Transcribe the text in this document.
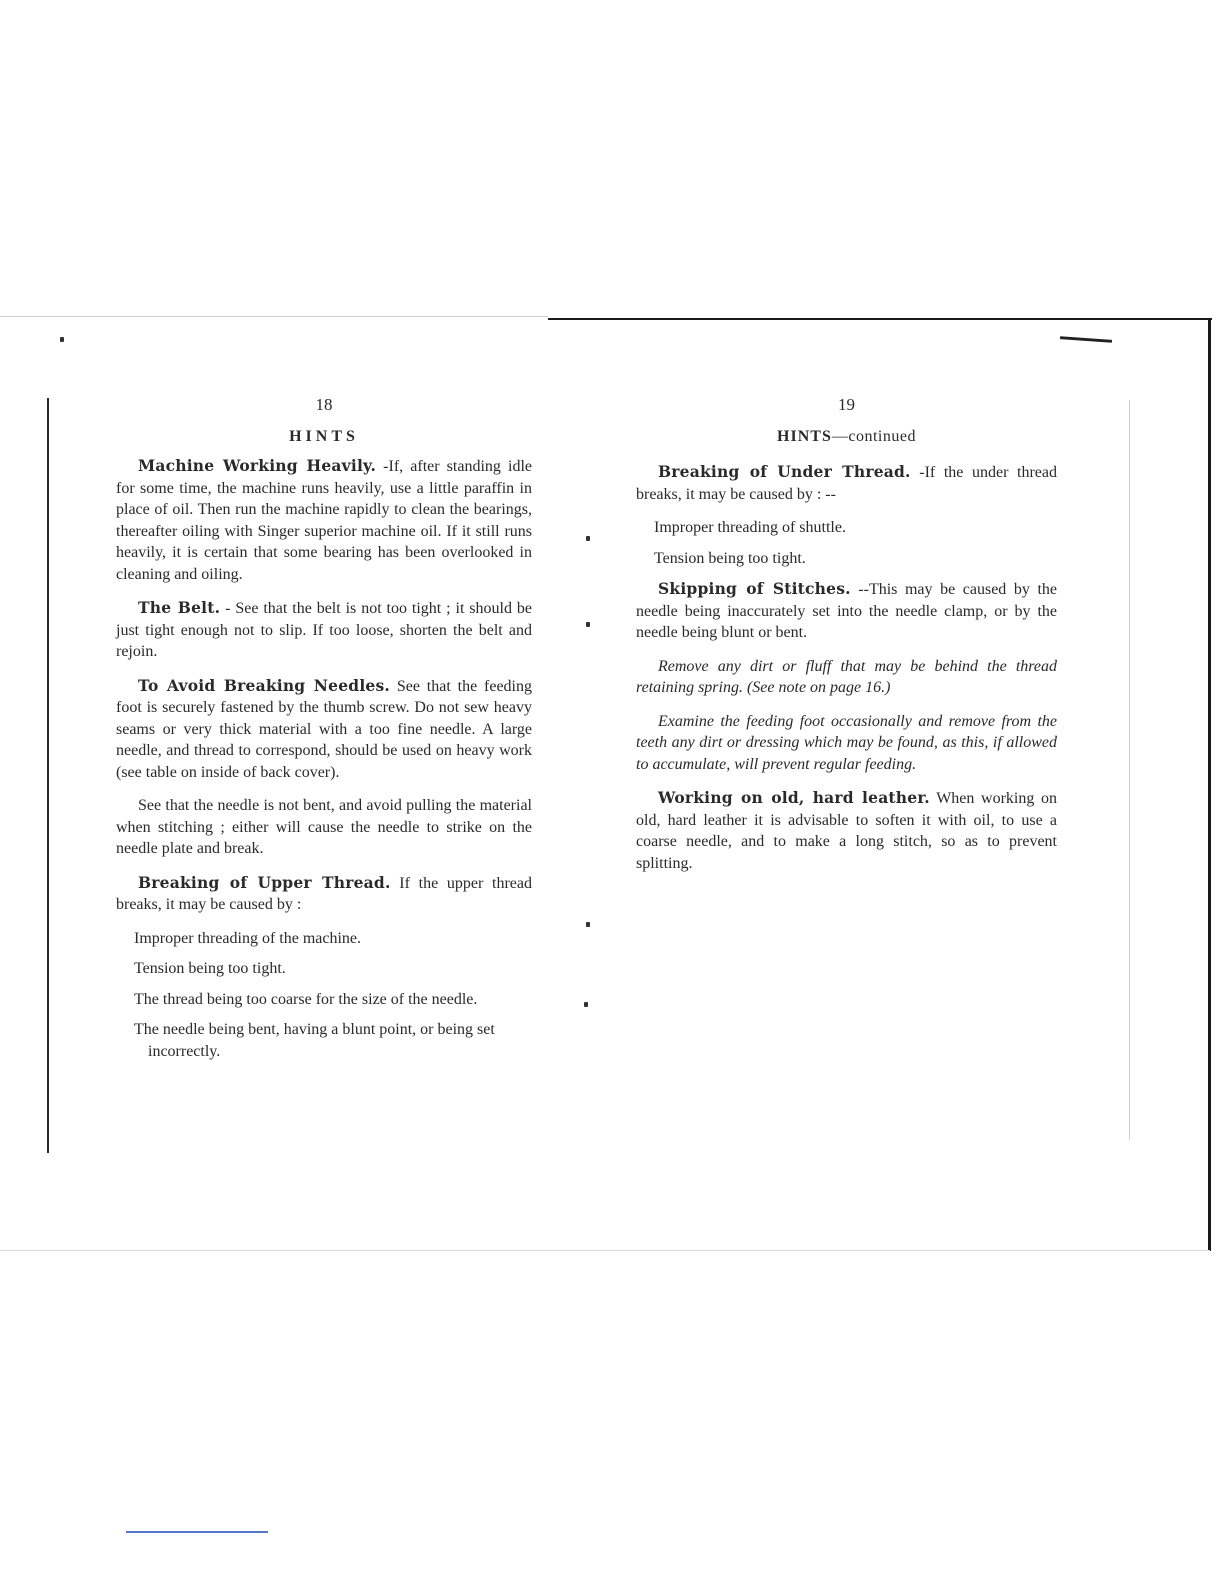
18
HINTS

Machine Working Heavily. -If, after standing idle for some time, the machine runs heavily, use a little paraffin in place of oil. Then run the machine rapidly to clean the bearings, thereafter oiling with Singer superior machine oil. If it still runs heavily, it is certain that some bearing has been overlooked in cleaning and oiling.

The Belt. - See that the belt is not too tight ; it should be just tight enough not to slip. If too loose, shorten the belt and rejoin.

To Avoid Breaking Needles. See that the feeding foot is securely fastened by the thumb screw. Do not sew heavy seams or very thick material with a too fine needle. A large needle, and thread to correspond, should be used on heavy work (see table on inside of back cover).

See that the needle is not bent, and avoid pulling the material when stitching ; either will cause the needle to strike on the needle plate and break.

Breaking of Upper Thread. If the upper thread breaks, it may be caused by :

Improper threading of the machine.

Tension being too tight.

The thread being too coarse for the size of the needle.

The needle being bent, having a blunt point, or being set incorrectly.

19
HINTS—continued

Breaking of Under Thread. -If the under thread breaks, it may be caused by : --

Improper threading of shuttle.

Tension being too tight.

Skipping of Stitches. --This may be caused by the needle being inaccurately set into the needle clamp, or by the needle being blunt or bent.

Remove any dirt or fluff that may be behind the thread retaining spring. (See note on page 16.)

Examine the feeding foot occasionally and remove from the teeth any dirt or dressing which may be found, as this, if allowed to accumulate, will prevent regular feeding.

Working on old, hard leather. When working on old, hard leather it is advisable to soften it with oil, to use a coarse needle, and to make a long stitch, so as to prevent splitting.
